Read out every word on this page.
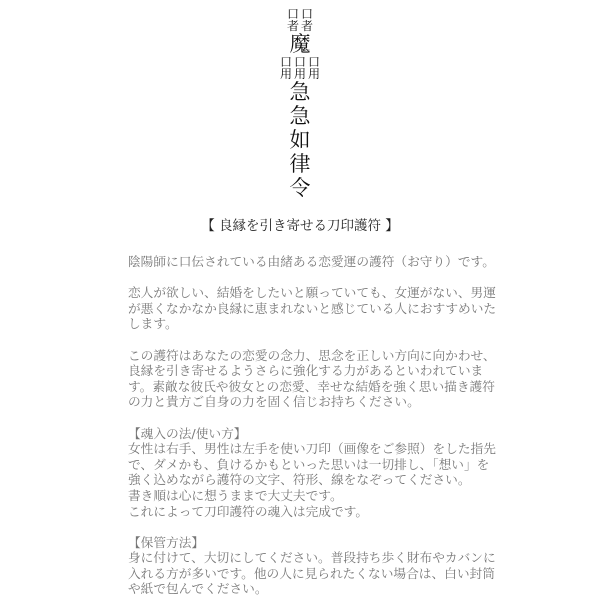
口
者
口
者
魔
口
用
口
用
口
用
急
急
如
律
令
【 良縁を引き寄せる刀印護符 】
陰陽師に口伝されている由緒ある恋愛運の護符（お守り）です。
恋人が欲しい、結婚をしたいと願っていても、女運がない、男運
が悪くなかなか良縁に恵まれないと感じている人におすすめいた
します。
この護符はあなたの恋愛の念力、思念を正しい方向に向かわせ、
良縁を引き寄せるようさらに強化する力があるといわれていま
す。素敵な彼氏や彼女との恋愛、幸せな結婚を強く思い描き護符
の力と貴方ご自身の力を固く信じお持ちください。
【魂入の法/使い方】
女性は右手、男性は左手を使い刀印（画像をご参照）をした指先
で、ダメかも、負けるかもといった思いは一切排し、「想い」を
強く込めながら護符の文字、符形、線をなぞってください。
書き順は心に想うままで大丈夫です。
これによって刀印護符の魂入は完成です。
【保管方法】
身に付けて、大切にしてください。普段持ち歩く財布やカバンに
入れる方が多いです。他の人に見られたくない場合は、白い封筒
や紙で包んでください。
